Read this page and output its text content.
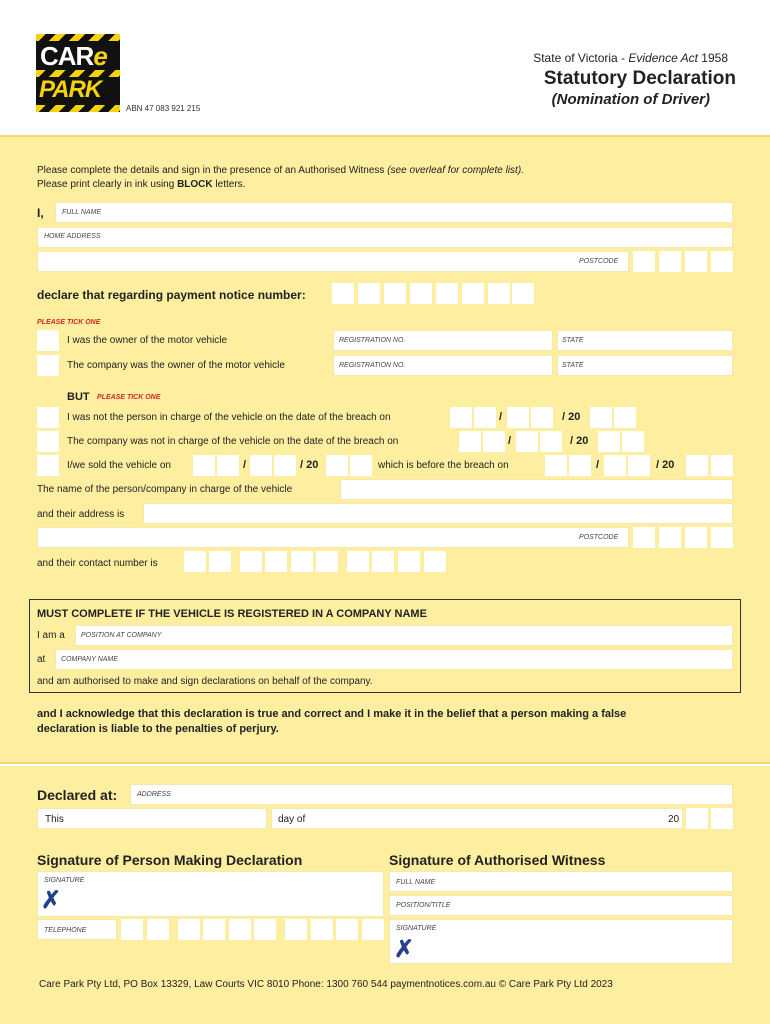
CARe
PARK
ABN 47 083 921 215
State of Victoria - Evidence Act 1958
Statutory Declaration
(Nomination of Driver)
Please complete the details and sign in the presence of an Authorised Witness (see overleaf for complete list).
Please print clearly in ink using BLOCK letters.
I,	FULL NAME
HOME ADDRESS
POSTCODE
declare that regarding payment notice number:
PLEASE TICK ONE
I was the owner of the motor vehicle	REGISTRATION NO.	STATE
The company was the owner of the motor vehicle	REGISTRATION NO.	STATE
BUT PLEASE TICK ONE
I was not the person in charge of the vehicle on the date of the breach on	/	/ 20
The company was not in charge of the vehicle on the date of the breach on	/	/ 20
I/we sold the vehicle on	/	/ 20	which is before the breach on	/	/ 20
The name of the person/company in charge of the vehicle
and their address is
POSTCODE
and their contact number is
MUST COMPLETE IF THE VEHICLE IS REGISTERED IN A COMPANY NAME
I am a POSITION AT COMPANY
at COMPANY NAME
and am authorised to make and sign declarations on behalf of the company.
and I acknowledge that this declaration is true and correct and I make it in the belief that a person making a false
declaration is liable to the penalties of perjury.
Declared at:	ADDRESS
This	day of	20
Signature of Person Making Declaration	Signature of Authorised Witness
SIGNATURE
✗
TELEPHONE
FULL NAME
POSITION/TITLE
SIGNATURE
✗
Care Park Pty Ltd, PO Box 13329, Law Courts VIC 8010 Phone: 1300 760 544 paymentnotices.com.au © Care Park Pty Ltd 2023
